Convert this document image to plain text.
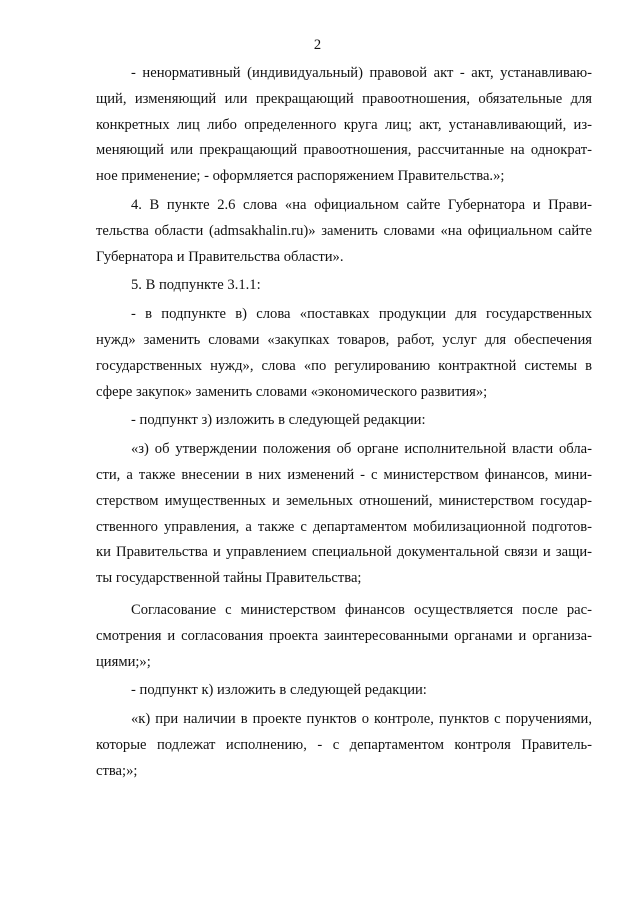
2
- ненормативный (индивидуальный) правовой акт - акт, устанавливаю-
щий, изменяющий или прекращающий правоотношения, обязательные для
конкретных лиц либо определенного круга лиц; акт, устанавливающий, из-
меняющий или прекращающий правоотношения, рассчитанные на однократ-
ное применение; - оформляется распоряжением Правительства.»;
4. В пункте 2.6 слова «на официальном сайте Губернатора и Прави-
тельства области (admsakhalin.ru)» заменить словами «на официальном сайте
Губернатора и Правительства области».
5. В подпункте 3.1.1:
- в подпункте в) слова «поставках продукции для государственных
нужд» заменить словами «закупках товаров, работ, услуг для обеспечения
государственных нужд», слова «по регулированию контрактной системы в
сфере закупок» заменить словами «экономического развития»;
- подпункт з) изложить в следующей редакции:
«з) об утверждении положения об органе исполнительной власти обла-
сти, а также внесении в них изменений - с министерством финансов, мини-
стерством имущественных и земельных отношений, министерством государ-
ственного управления, а также с департаментом мобилизационной подготов-
ки Правительства и управлением специальной документальной связи и защи-
ты государственной тайны Правительства;
Согласование с министерством финансов осуществляется после рас-
смотрения и согласования проекта заинтересованными органами и организа-
циями;»;
- подпункт к) изложить в следующей редакции:
«к) при наличии в проекте пунктов о контроле, пунктов с поручениями,
которые подлежат исполнению, - с департаментом контроля Правитель-
ства;»;
